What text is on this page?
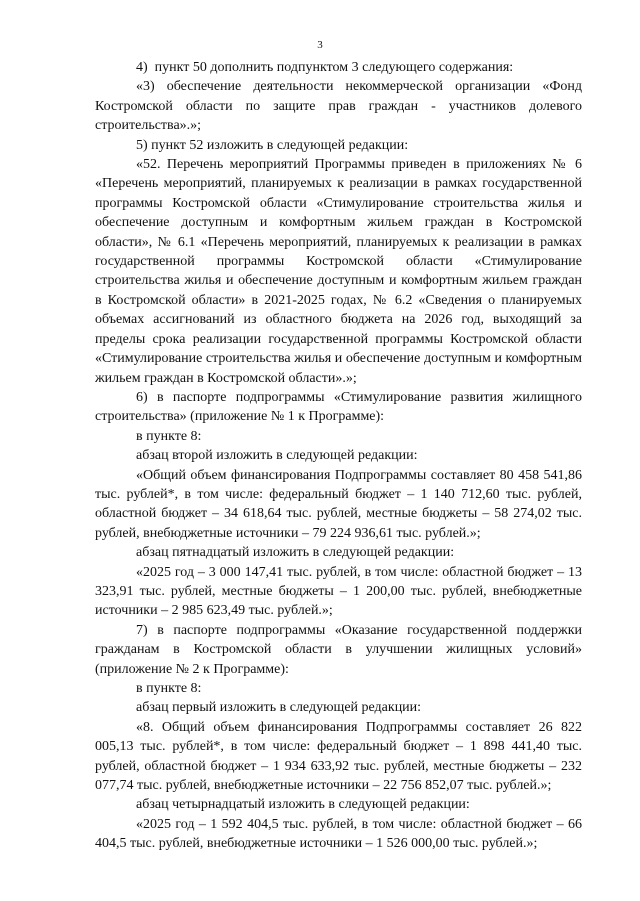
3

4)  пункт 50 дополнить подпунктом 3 следующего содержания:

«3) обеспечение деятельности некоммерческой организации «Фонд Костромской области по защите прав граждан - участников долевого строительства».»;

5) пункт 52 изложить в следующей редакции:

«52. Перечень мероприятий Программы приведен в приложениях № 6 «Перечень мероприятий, планируемых к реализации в рамках государственной программы Костромской области «Стимулирование строительства жилья и обеспечение доступным и комфортным жильем граждан в Костромской области», № 6.1 «Перечень мероприятий, планируемых к реализации в рамках государственной программы Костромской области «Стимулирование строительства жилья и обеспечение доступным и комфортным жильем граждан в Костромской области» в 2021-2025 годах, № 6.2 «Сведения о планируемых объемах ассигнований из областного бюджета на 2026 год, выходящий за пределы срока реализации государственной программы Костромской области «Стимулирование строительства жилья и обеспечение доступным и комфортным жильем граждан в Костромской области».»;

6) в паспорте подпрограммы «Стимулирование развития жилищного строительства» (приложение № 1 к Программе):

в пункте 8:

абзац второй изложить в следующей редакции:

«Общий объем финансирования Подпрограммы составляет 80 458 541,86 тыс. рублей*, в том числе: федеральный бюджет – 1 140 712,60 тыс. рублей, областной бюджет – 34 618,64 тыс. рублей, местные бюджеты – 58 274,02 тыс. рублей, внебюджетные источники – 79 224 936,61 тыс. рублей.»;

абзац пятнадцатый изложить в следующей редакции:

«2025 год – 3 000 147,41 тыс. рублей, в том числе: областной бюджет – 13 323,91 тыс. рублей, местные бюджеты – 1 200,00 тыс. рублей, внебюджетные источники – 2 985 623,49 тыс. рублей.»;

7) в паспорте подпрограммы «Оказание государственной поддержки гражданам в Костромской области в улучшении жилищных условий» (приложение № 2 к Программе):

в пункте 8:

абзац первый изложить в следующей редакции:

«8. Общий объем финансирования Подпрограммы составляет 26 822 005,13 тыс. рублей*, в том числе: федеральный бюджет – 1 898 441,40 тыс. рублей, областной бюджет – 1 934 633,92 тыс. рублей, местные бюджеты – 232 077,74 тыс. рублей, внебюджетные источники – 22 756 852,07 тыс. рублей.»;

абзац четырнадцатый изложить в следующей редакции:

«2025 год – 1 592 404,5 тыс. рублей, в том числе: областной бюджет – 66 404,5 тыс. рублей, внебюджетные источники – 1 526 000,00 тыс. рублей.»;
